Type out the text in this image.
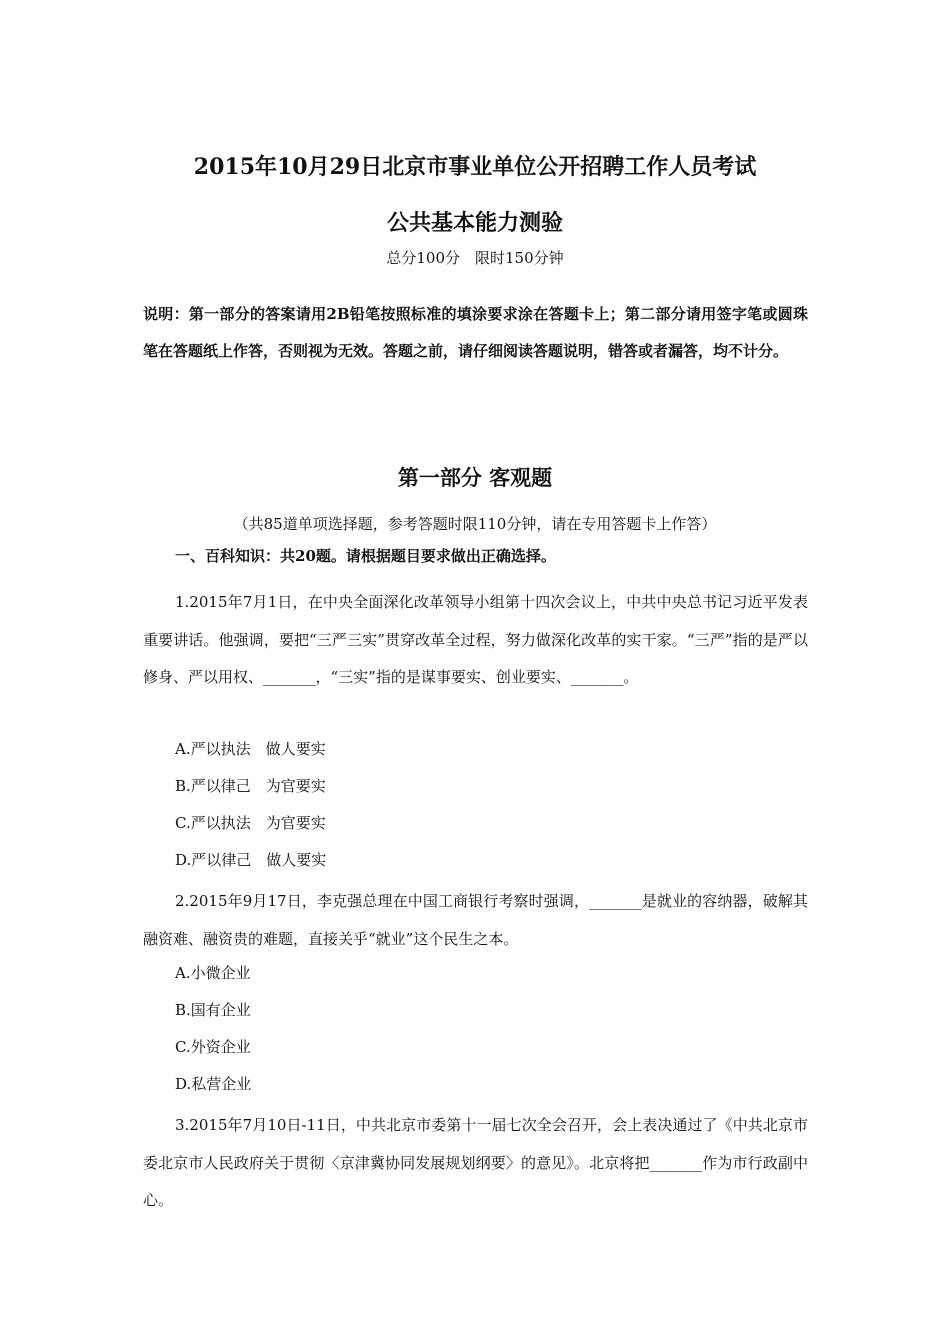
2015年10月29日北京市事业单位公开招聘工作人员考试
公共基本能力测验
总分100分　限时150分钟
说明：第一部分的答案请用2B铅笔按照标准的填涂要求涂在答题卡上；第二部分请用签字笔或圆珠笔在答题纸上作答，否则视为无效。答题之前，请仔细阅读答题说明，错答或者漏答，均不计分。
第一部分 客观题
（共85道单项选择题，参考答题时限110分钟，请在专用答题卡上作答）
一、百科知识：共20题。请根据题目要求做出正确选择。
1.2015年7月1日，在中央全面深化改革领导小组第十四次会议上，中共中央总书记习近平发表重要讲话。他强调，要把“三严三实”贯穿改革全过程，努力做深化改革的实干家。“三严”指的是严以修身、严以用权、_______，“三实”指的是谋事要实、创业要实、_______。
A.严以执法　做人要实
B.严以律己　为官要实
C.严以执法　为官要实
D.严以律己　做人要实
2.2015年9月17日，李克强总理在中国工商银行考察时强调，_______是就业的容纳器，破解其融资难、融资贵的难题，直接关乎“就业”这个民生之本。
A.小微企业
B.国有企业
C.外资企业
D.私营企业
3.2015年7月10日-11日，中共北京市委第十一届七次全会召开，会上表决通过了《中共北京市委北京市人民政府关于贯彻〈京津冀协同发展规划纲要〉的意见》。北京将把_______作为市行政副中心。
